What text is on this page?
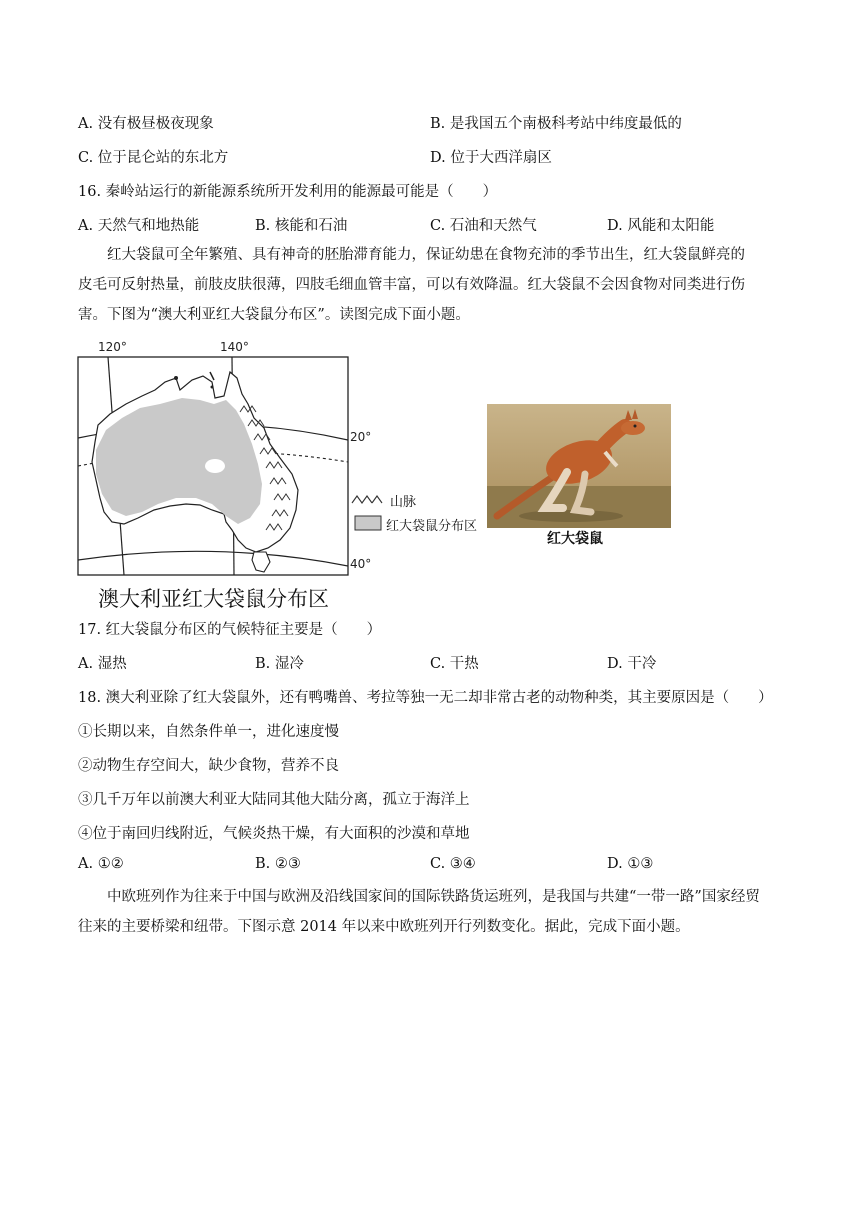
A. 没有极昼极夜现象	B. 是我国五个南极科考站中纬度最低的
C. 位于昆仑站的东北方	D. 位于大西洋扇区
16. 秦岭站运行的新能源系统所开发利用的能源最可能是（　　）
A. 天然气和地热能	B. 核能和石油	C. 石油和天然气	D. 风能和太阳能
红大袋鼠可全年繁殖、具有神奇的胚胎滞育能力，保证幼患在食物充沛的季节出生，红大袋鼠鲜亮的
皮毛可反射热量，前肢皮肤很薄，四肢毛细血管丰富，可以有效降温。红大袋鼠不会因食物对同类进行伤
害。下图为“澳大利亚红大袋鼠分布区”。读图完成下面小题。
120°	140°
20°
40°
山脉
红大袋鼠分布区
澳大利亚红大袋鼠分布区
红大袋鼠
17. 红大袋鼠分布区的气候特征主要是（　　）
A. 湿热	B. 湿冷	C. 干热	D. 干冷
18. 澳大利亚除了红大袋鼠外，还有鸭嘴兽、考拉等独一无二却非常古老的动物种类，其主要原因是（　　）
①长期以来，自然条件单一，进化速度慢
②动物生存空间大，缺少食物，营养不良
③几千万年以前澳大利亚大陆同其他大陆分离，孤立于海洋上
④位于南回归线附近，气候炎热干燥，有大面积的沙漠和草地
A. ①②	B. ②③	C. ③④	D. ①③
中欧班列作为往来于中国与欧洲及沿线国家间的国际铁路货运班列，是我国与共建“一带一路”国家经贸
往来的主要桥梁和纽带。下图示意 2014 年以来中欧班列开行列数变化。据此，完成下面小题。
